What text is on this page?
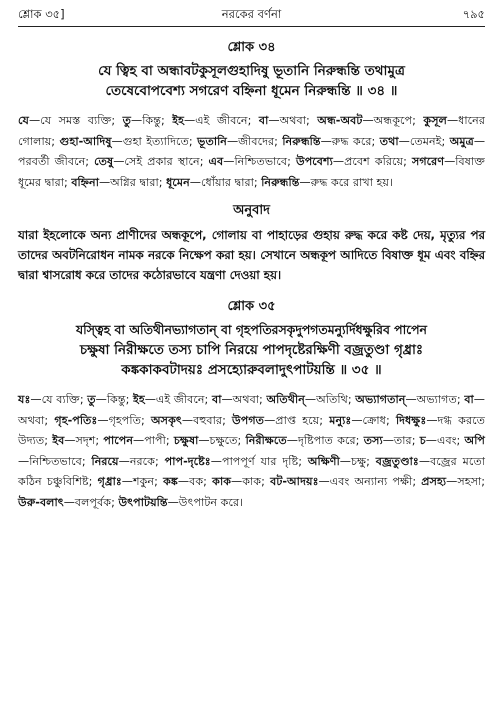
শ্লোক ৩৫]	নরকের বর্ণনা	৭৯৫
শ্লোক ৩৪
যে ত্বিহ বা অন্ধাবটকুসূলগুহাদিষু ভূতানি নিরুন্ধন্তি তথামুত্র
তেষেবোপবেশ্য সগরেণ বহ্নিনা ধূমেন নিরুন্ধন্তি ॥ ৩৪ ॥
যে—যে সমস্ত ব্যক্তি; তু—কিন্তু; ইহ—এই জীবনে; বা—অথবা; অন্ধ-অবট—অন্ধকূপে; কুসূল—ধানের গোলায়; গুহা-আদিষু—গুহা ইত্যাদিতে; ভূতানি—জীবদের; নিরুন্ধন্তি—রুদ্ধ করে; তথা—তেমনই; অমুত্র—পরবর্তী জীবনে; তেষু—সেই প্রকার স্থানে; এব—নিশ্চিতভাবে; উপবেশ্য—প্রবেশ করিয়ে; সগরেণ—বিষাক্ত ধূমের দ্বারা; বহ্নিনা—অগ্নির দ্বারা; ধূমেন—ধোঁয়ার দ্বারা; নিরুন্ধন্তি—রুদ্ধ করে রাখা হয়।
অনুবাদ
যারা ইহলোকে অন্য প্রাণীদের অন্ধকূপে, গোলায় বা পাহাড়ের গুহায় রুদ্ধ করে কষ্ট দেয়, মৃত্যুর পর তাদের অবটনিরোধন নামক নরকে নিক্ষেপ করা হয়। সেখানে অন্ধকূপ আদিতে বিষাক্ত ধূম এবং বহ্নির দ্বারা শ্বাসরোধ করে তাদের কঠোরভাবে যন্ত্রণা দেওয়া হয়।
শ্লোক ৩৫
যস্ত্বিহ বা অতিথীনভ্যাগতান্ বা গৃহপতিরসকৃদুপগতমন্যুর্দিধক্ষুরিব পাপেন
চক্ষুষা নিরীক্ষতে তস্য চাপি নিরয়ে পাপদৃষ্টেরক্ষিণী বজ্রতুণ্ডা গৃধ্রাঃ
কঙ্ককাকবটাদয়ঃ প্রসহ্যোরুবলাদুৎপাটয়ন্তি ॥ ৩৫ ॥
যঃ—যে ব্যক্তি; তু—কিন্তু; ইহ—এই জীবনে; বা—অথবা; অতিথীন্—অতিথি; অভ্যাগতান্—অভ্যাগত; বা—অথবা; গৃহ-পতিঃ—গৃহপতি; অসকৃৎ—বহুবার; উপগত—প্রাপ্ত হয়ে; মন্যুঃ—ক্রোধ; দিধক্ষুঃ—দগ্ধ করতে উদ্যত; ইব—সদৃশ; পাপেন—পাপী; চক্ষুষা—চক্ষুতে; নিরীক্ষতে—দৃষ্টিপাত করে; তস্য—তার; চ—এবং; অপি—নিশ্চিতভাবে; নিরয়ে—নরকে; পাপ-দৃষ্টেঃ—পাপপূর্ণ যার দৃষ্টি; অক্ষিণী—চক্ষু; বজ্রতুণ্ডাঃ—বজ্রের মতো কঠিন চঞ্চুবিশিষ্ট; গৃধ্রাঃ—শকুন; কঙ্ক—বক; কাক—কাক; বট-আদয়ঃ—এবং অন্যান্য পক্ষী; প্রসহ্য—সহসা; উরু-বলাৎ—বলপূর্বক; উৎপাটয়ন্তি—উৎপাটন করে।
